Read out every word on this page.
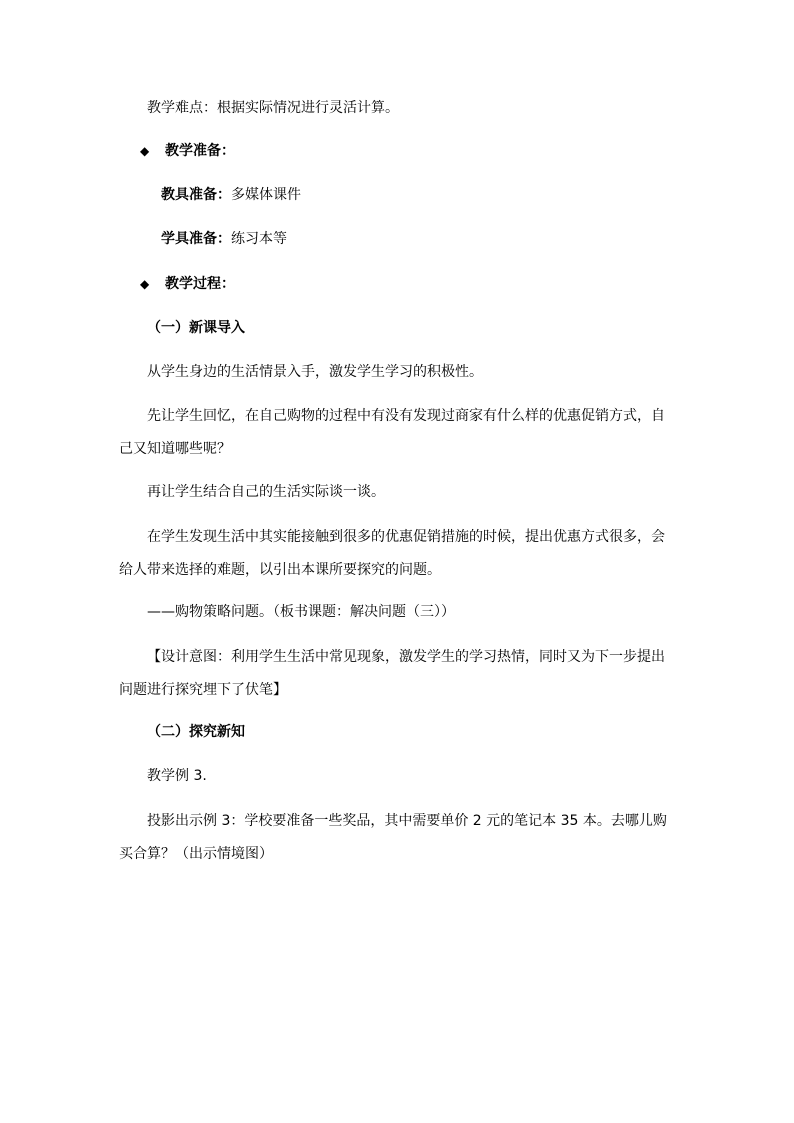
教学难点：根据实际情况进行灵活计算。
◆ 教学准备：
教具准备：多媒体课件
学具准备：练习本等
◆ 教学过程：
（一）新课导入
从学生身边的生活情景入手，激发学生学习的积极性。
先让学生回忆，在自己购物的过程中有没有发现过商家有什么样的优惠促销方式，自己又知道哪些呢？
再让学生结合自己的生活实际谈一谈。
在学生发现生活中其实能接触到很多的优惠促销措施的时候，提出优惠方式很多，会给人带来选择的难题，以引出本课所要探究的问题。
——购物策略问题。（板书课题：解决问题（三））
【设计意图：利用学生生活中常见现象，激发学生的学习热情，同时又为下一步提出问题进行探究埋下了伏笔】
（二）探究新知
教学例 3.
投影出示例 3：学校要准备一些奖品，其中需要单价 2 元的笔记本 35 本。去哪儿购买合算？（出示情境图）
